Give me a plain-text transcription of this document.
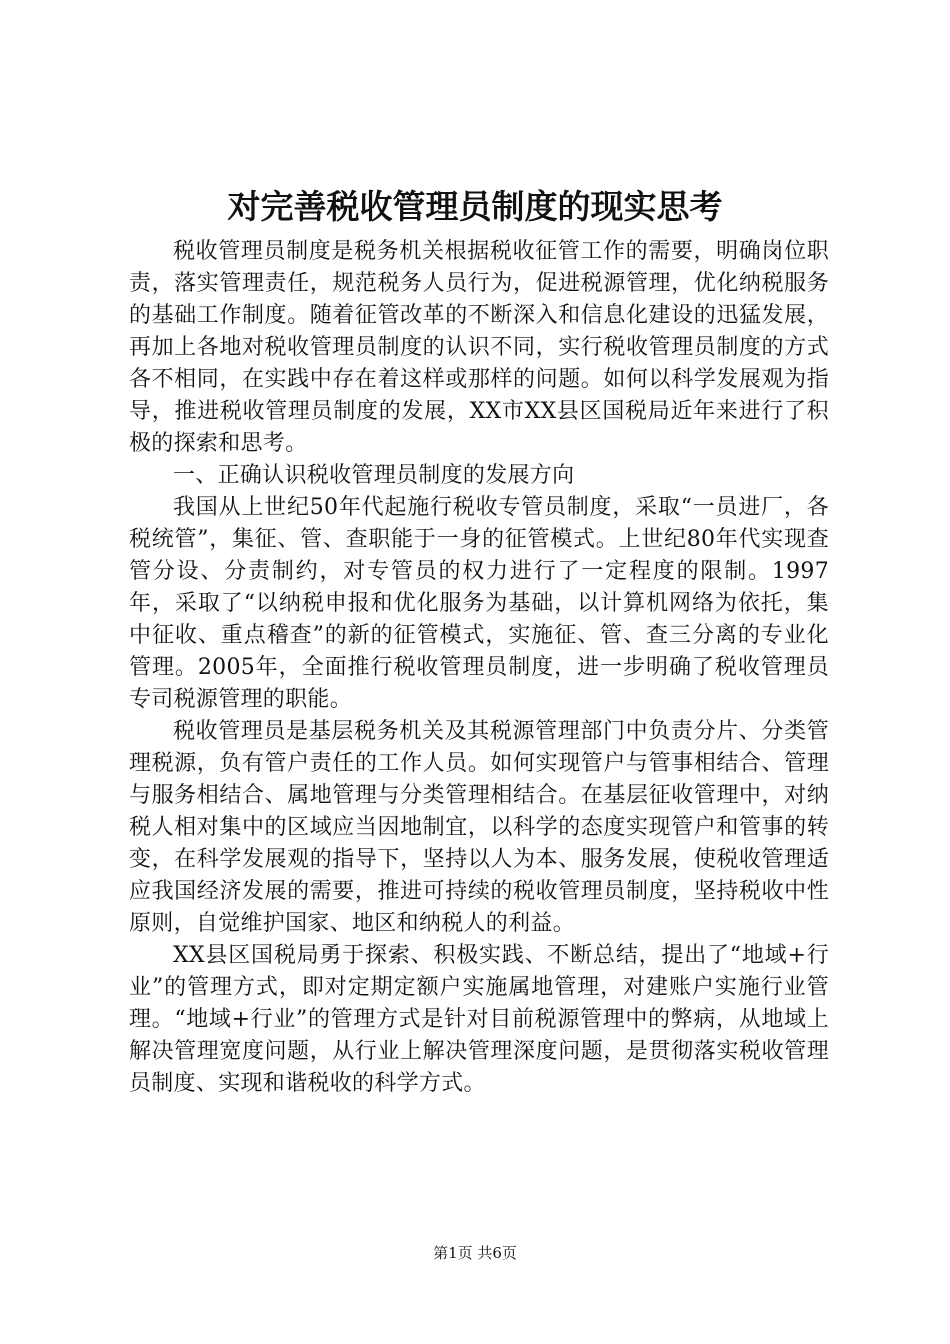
对完善税收管理员制度的现实思考

税收管理员制度是税务机关根据税收征管工作的需要，明确岗位职责，落实管理责任，规范税务人员行为，促进税源管理，优化纳税服务的基础工作制度。随着征管改革的不断深入和信息化建设的迅猛发展，再加上各地对税收管理员制度的认识不同，实行税收管理员制度的方式各不相同，在实践中存在着这样或那样的问题。如何以科学发展观为指导，推进税收管理员制度的发展，XX市XX县区国税局近年来进行了积极的探索和思考。

一、正确认识税收管理员制度的发展方向

我国从上世纪50年代起施行税收专管员制度，采取“一员进厂，各税统管”，集征、管、查职能于一身的征管模式。上世纪80年代实现查管分设、分责制约，对专管员的权力进行了一定程度的限制。1997年，采取了“以纳税申报和优化服务为基础，以计算机网络为依托，集中征收、重点稽查”的新的征管模式，实施征、管、查三分离的专业化管理。2005年，全面推行税收管理员制度，进一步明确了税收管理员专司税源管理的职能。

税收管理员是基层税务机关及其税源管理部门中负责分片、分类管理税源，负有管户责任的工作人员。如何实现管户与管事相结合、管理与服务相结合、属地管理与分类管理相结合。在基层征收管理中，对纳税人相对集中的区域应当因地制宜，以科学的态度实现管户和管事的转变，在科学发展观的指导下，坚持以人为本、服务发展，使税收管理适应我国经济发展的需要，推进可持续的税收管理员制度，坚持税收中性原则，自觉维护国家、地区和纳税人的利益。

XX县区国税局勇于探索、积极实践、不断总结，提出了“地域+行业”的管理方式，即对定期定额户实施属地管理，对建账户实施行业管理。“地域+行业”的管理方式是针对目前税源管理中的弊病，从地域上解决管理宽度问题，从行业上解决管理深度问题，是贯彻落实税收管理员制度、实现和谐税收的科学方式。

第1页 共6页
